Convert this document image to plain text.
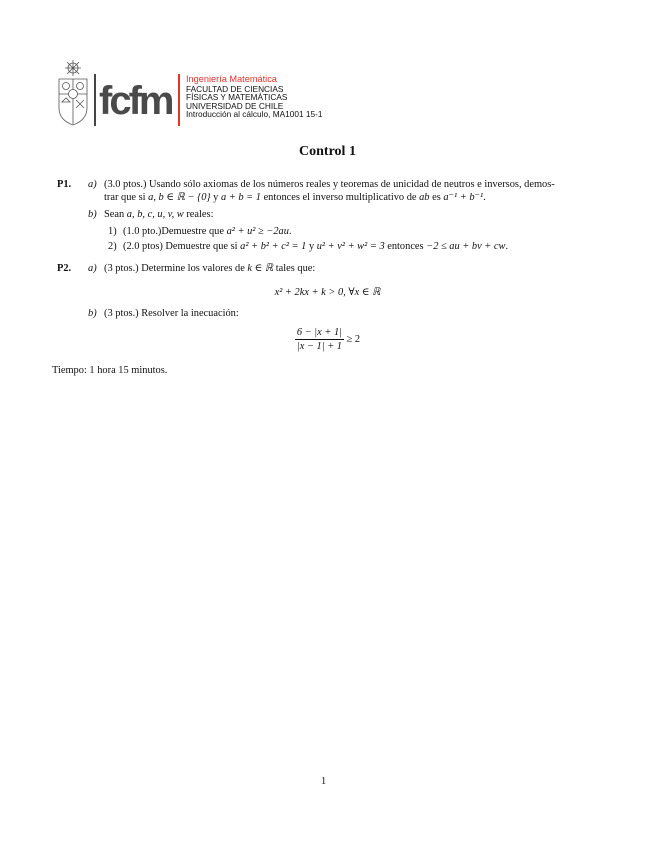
fcfm Ingeniería Matemática
FACULTAD DE CIENCIAS
FÍSICAS Y MATEMÁTICAS
UNIVERSIDAD DE CHILE
Introducción al cálculo, MA1001 15-1
Control 1
P1. a) (3.0 ptos.) Usando sólo axiomas de los números reales y teoremas de unicidad de neutros e inversos, demos-
trar que si a, b ∈ ℝ − {0} y a + b = 1 entonces el inverso multiplicativo de ab es a⁻¹ + b⁻¹.
b) Sean a, b, c, u, v, w reales:
1) (1.0 pto.)Demuestre que a² + u² ≥ −2au.
2) (2.0 ptos) Demuestre que si a² + b² + c² = 1 y u² + v² + w² = 3 entonces −2 ≤ au + bv + cw.
P2. a) (3 ptos.) Determine los valores de k ∈ ℝ tales que:
x² + 2kx + k > 0, ∀x ∈ ℝ
b) (3 ptos.) Resolver la inecuación:
$\frac{6 - |x + 1|}{|x - 1| + 1} \ge 2$
Tiempo: 1 hora 15 minutos.
1
